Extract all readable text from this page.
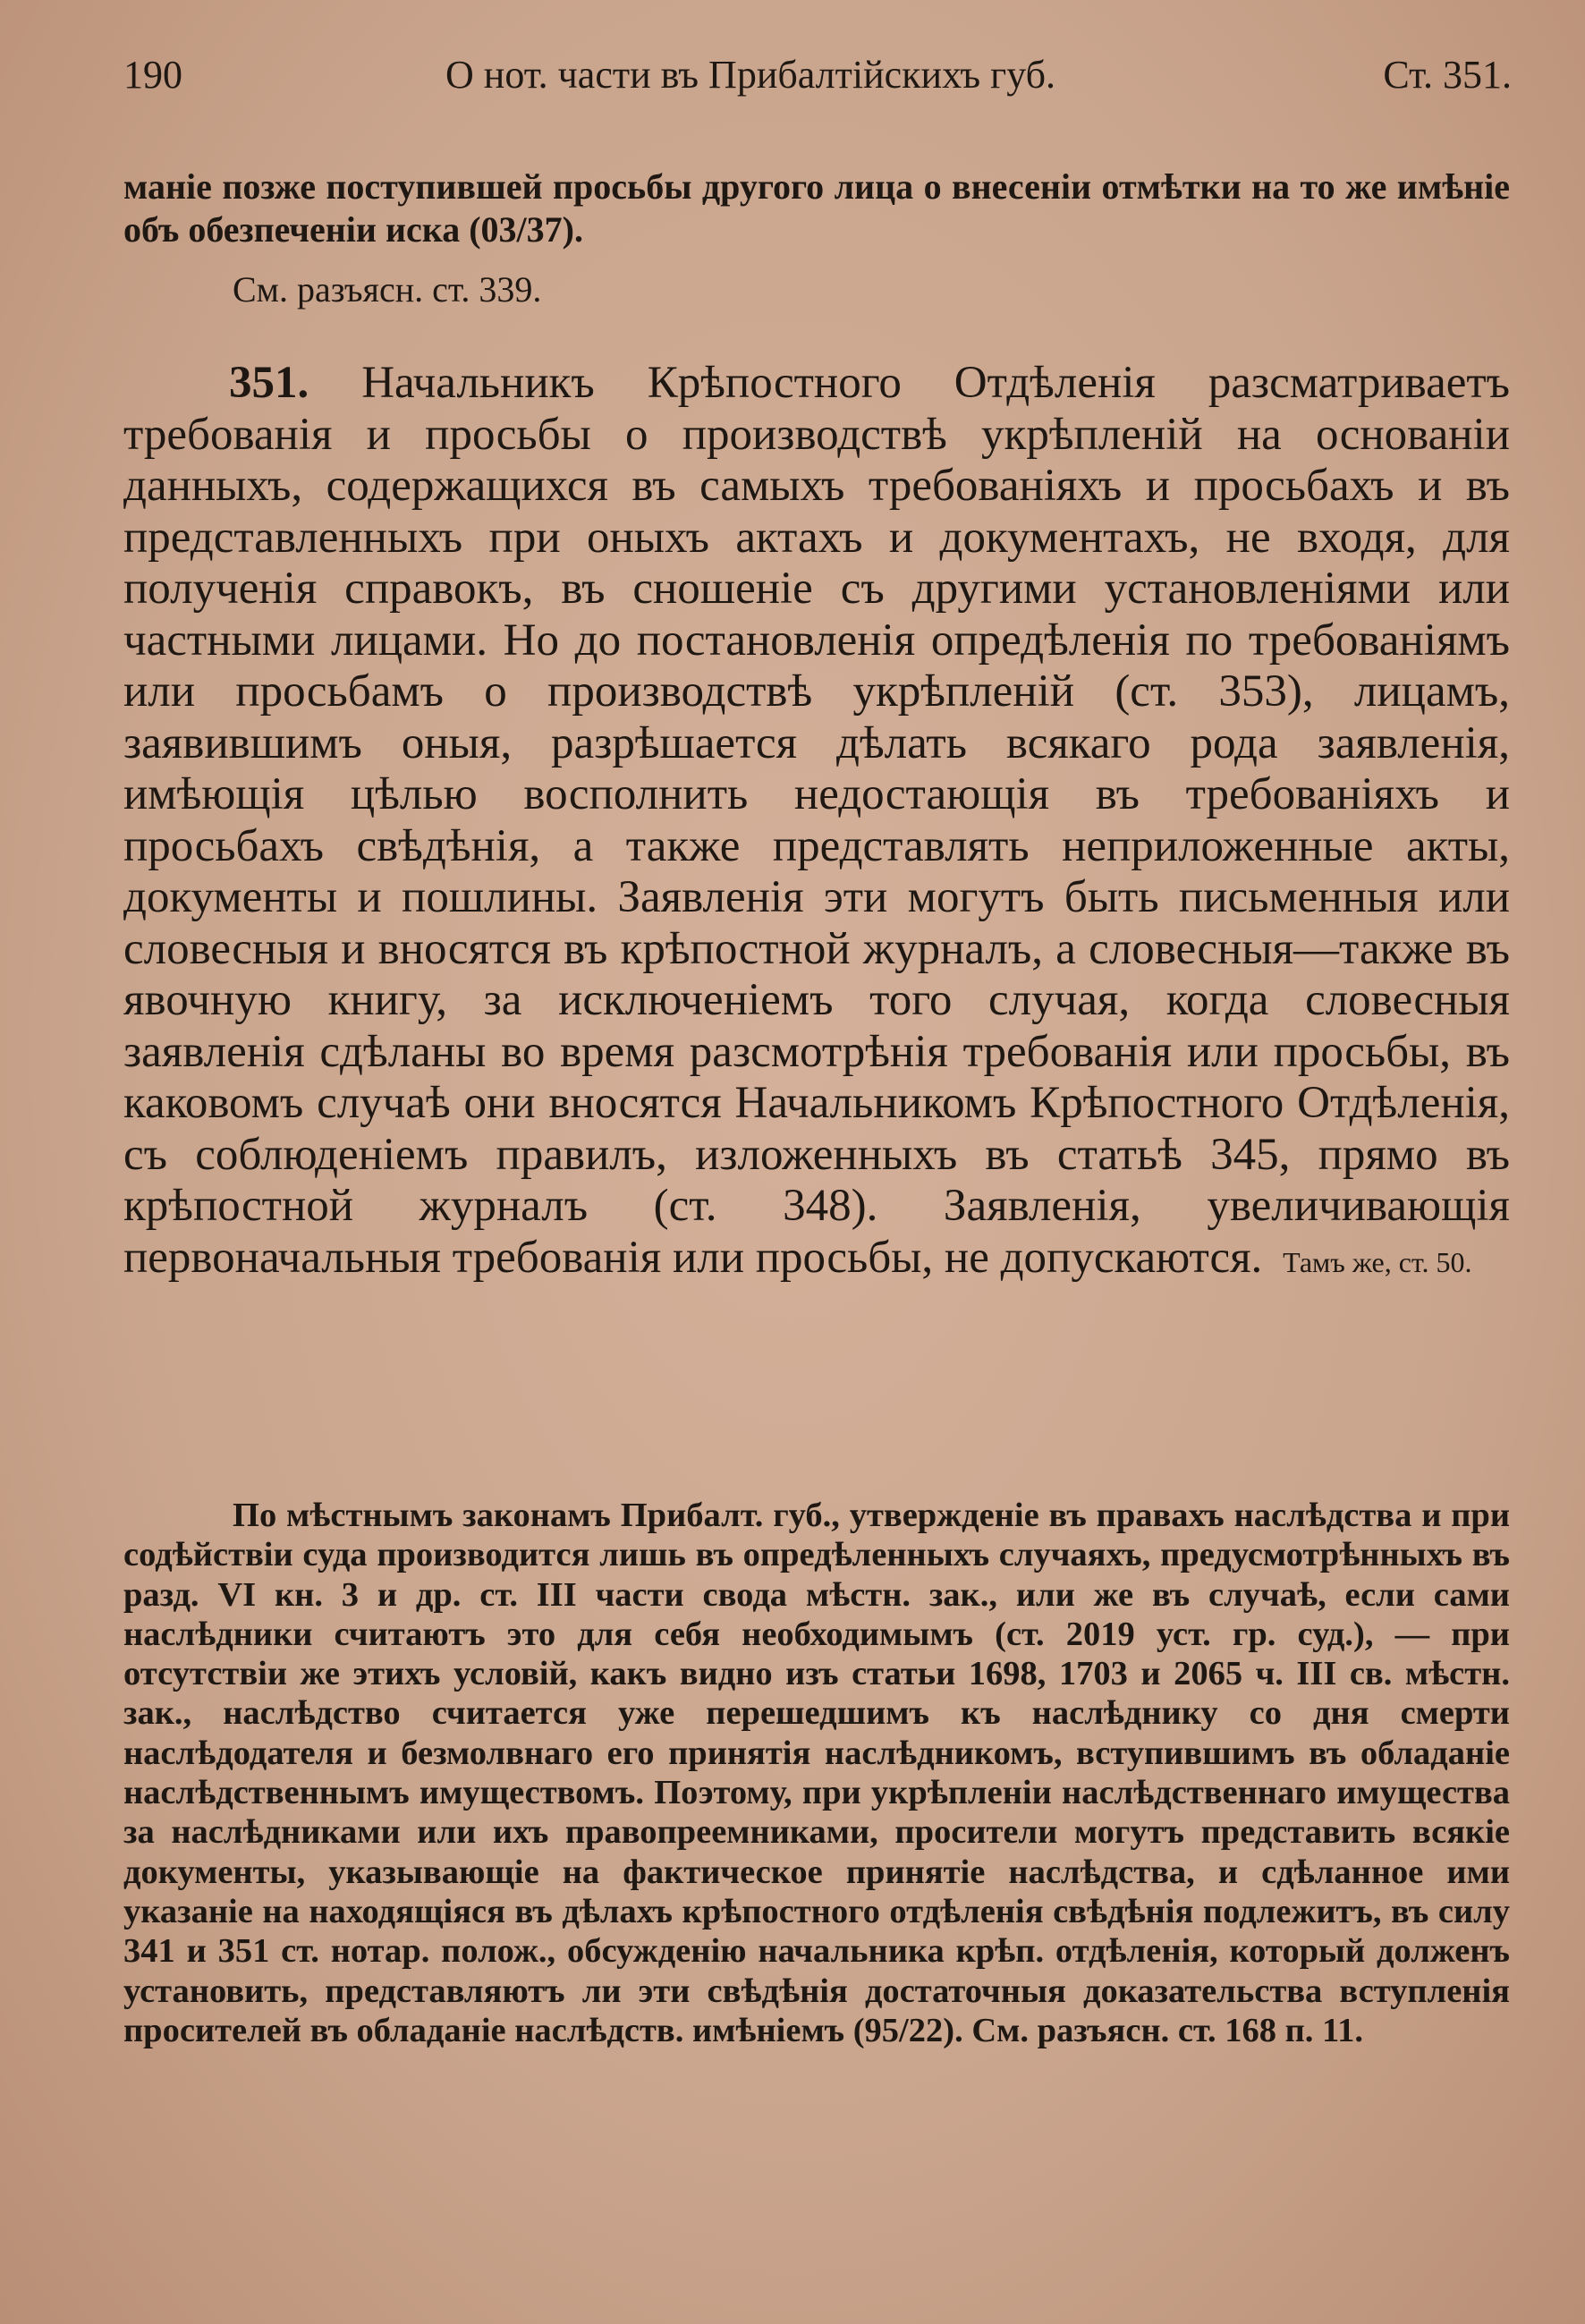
190	О нот. части въ Прибалтійскихъ губ.	Ст. 351.
маніе позже поступившей просьбы другого лица о внесеніи отмѣтки на то же имѣніе объ обезпеченіи иска (03/37).
См. разъясн. ст. 339.
351. Начальникъ Крѣпостного Отдѣленія разсматриваетъ требованія и просьбы о производствѣ укрѣпленій на основаніи данныхъ, содержащихся въ самыхъ требованіяхъ и просьбахъ и въ представленныхъ при оныхъ актахъ и документахъ, не входя, для полученія справокъ, въ сношеніе съ другими установленіями или частными лицами. Но до постановленія опредѣленія по требованіямъ или просьбамъ о производствѣ укрѣпленій (ст. 353), лицамъ, заявившимъ оныя, разрѣшается дѣлать всякаго рода заявленія, имѣющія цѣлью восполнить недостающія въ требованіяхъ и просьбахъ свѣдѣнія, а также представлять неприложенные акты, документы и пошлины. Заявленія эти могутъ быть письменныя или словесныя и вносятся въ крѣпостной журналъ, а словесныя—также въ явочную книгу, за исключеніемъ того случая, когда словесныя заявленія сдѣланы во время разсмотрѣнія требованія или просьбы, въ каковомъ случаѣ они вносятся Начальникомъ Крѣпостного Отдѣленія, съ соблюденіемъ правилъ, изложенныхъ въ статьѣ 345, прямо въ крѣпостной журналъ (ст. 348). Заявленія, увеличивающія первоначальныя требованія или просьбы, не допускаются. Тамъ же, ст. 50.
По мѣстнымъ законамъ Прибалт. губ., утвержденіе въ правахъ наслѣдства и при содѣйствіи суда производится лишь въ опредѣленныхъ случаяхъ, предусмотрѣнныхъ въ разд. VI кн. 3 и др. ст. III части свода мѣстн. зак., или же въ случаѣ, если сами наслѣдники считаютъ это для себя необходимымъ (ст. 2019 уст. гр. суд.), — при отсутствіи же этихъ условій, какъ видно изъ статьи 1698, 1703 и 2065 ч. III св. мѣстн. зак., наслѣдство считается уже перешедшимъ къ наслѣднику со дня смерти наслѣдодателя и безмолвнаго его принятія наслѣдникомъ, вступившимъ въ обладаніе наслѣдственнымъ имуществомъ. Поэтому, при укрѣпленіи наслѣдственнаго имущества за наслѣдниками или ихъ правопреемниками, просители могутъ представить всякіе документы, указывающіе на фактическое принятіе наслѣдства, и сдѣланное ими указаніе на находящіяся въ дѣлахъ крѣпостного отдѣленія свѣдѣнія подлежитъ, въ силу 341 и 351 ст. нотар. полож., обсужденію начальника крѣп. отдѣленія, который долженъ установить, представляютъ ли эти свѣдѣнія достаточныя доказательства вступленія просителей въ обладаніе наслѣдств. имѣніемъ (95/22). См. разъясн. ст. 168 п. 11.
